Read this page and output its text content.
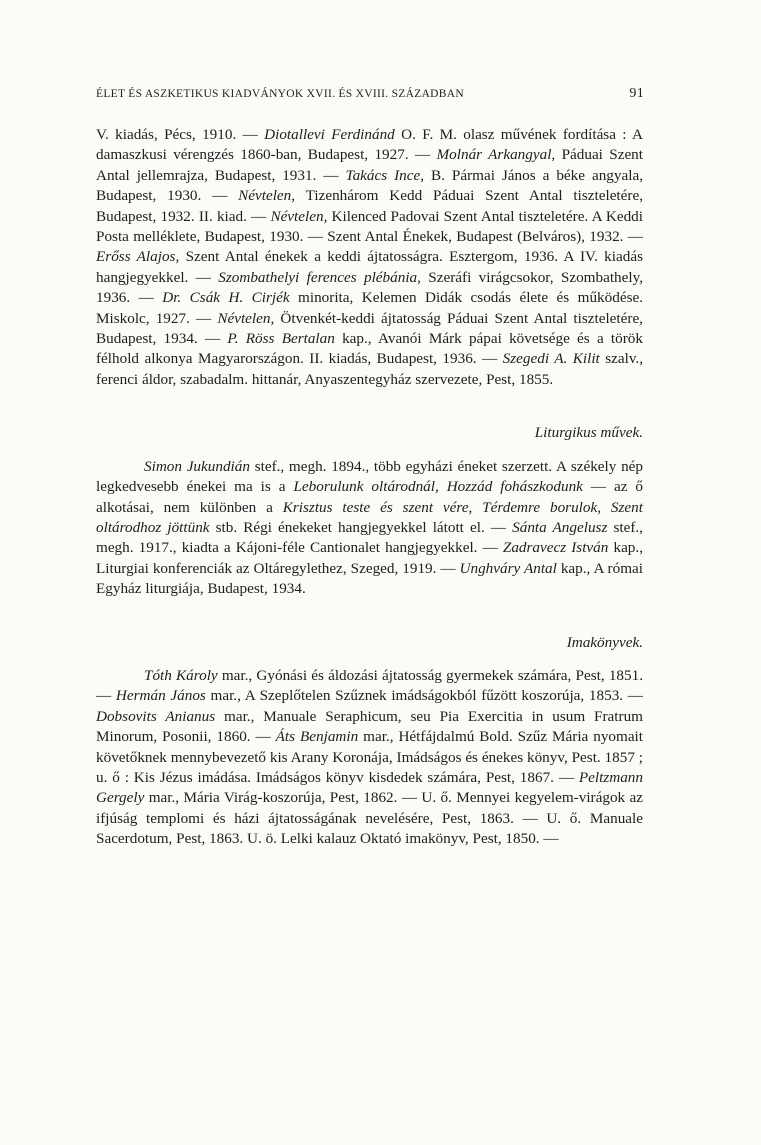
ÉLET ÉS ASZKETIKUS KIADVÁNYOK XVII. ÉS XVIII. SZÁZADBAN	91

V. kiadás, Pécs, 1910. — Diotallevi Ferdinánd O. F. M. olasz művének fordítása : A damaszkusi vérengzés 1860-ban, Budapest, 1927. — Molnár Arkangyal, Páduai Szent Antal jellemrajza, Budapest, 1931. — Takács Ince, B. Pármai János a béke angyala, Budapest, 1930. — Névtelen, Tizenhárom Kedd Páduai Szent Antal tiszteletére, Budapest, 1932. II. kiad. — Névtelen, Kilenced Padovai Szent Antal tiszteletére. A Keddi Posta melléklete, Budapest, 1930. — Szent Antal Énekek, Budapest (Belváros), 1932. — Erőss Alajos, Szent Antal énekek a keddi ájtatosságra. Esztergom, 1936. A IV. kiadás hangjegyekkel. — Szombathelyi ferences plébánia, Szeráfi virágcsokor, Szombathely, 1936. — Dr. Csák H. Cirjék minorita, Kelemen Didák csodás élete és működése. Miskolc, 1927. — Névtelen, Ötvenkét-keddi ájtatosság Páduai Szent Antal tiszteletére, Budapest, 1934. — P. Röss Bertalan kap., Avanói Márk pápai követsége és a török félhold alkonya Magyarországon. II. kiadás, Budapest, 1936. — Szegedi A. Kilit szalv., ferenci áldor, szabadalm. hittanár, Anyaszentegyház szervezete, Pest, 1855.

Liturgikus művek.

Simon Jukundián stef., megh. 1894., több egyházi éneket szerzett. A székely nép legkedvesebb énekei ma is a Leborulunk oltárodnál, Hozzád fohászkodunk — az ő alkotásai, nem különben a Krisztus teste és szent vére, Térdemre borulok, Szent oltárodhoz jöttünk stb. Régi énekeket hangjegyekkel látott el. — Sánta Angelusz stef., megh. 1917., kiadta a Kájoni-féle Cantionalet hangjegyekkel. — Zadravecz István kap., Liturgiai konferenciák az Oltáregylethez, Szeged, 1919. — Unghváry Antal kap., A római Egyház liturgiája, Budapest, 1934.

Imakönyvek.

Tóth Károly mar., Gyónási és áldozási ájtatosság gyermekek számára, Pest, 1851. — Hermán János mar., A Szeplőtelen Szűznek imádságokból fűzött koszorúja, 1853. — Dobsovits Anianus mar., Manuale Seraphicum, seu Pia Exercitia in usum Fratrum Minorum, Posonii, 1860. — Áts Benjamin mar., Hétfájdalmú Bold. Szűz Mária nyomait követőknek mennybevezető kis Arany Koronája, Imádságos és énekes könyv, Pest. 1857 ; u. ő : Kis Jézus imádása. Imádságos könyv kisdedek számára, Pest, 1867. — Peltzmann Gergely mar., Mária Virág-koszorúja, Pest, 1862. — U. ő. Mennyei kegyelem-virágok az ifjúság templomi és házi ájtatosságának nevelésére, Pest, 1863. — U. ő. Manuale Sacerdotum, Pest, 1863. U. ö. Lelki kalauz Oktató imakönyv, Pest, 1850. —
